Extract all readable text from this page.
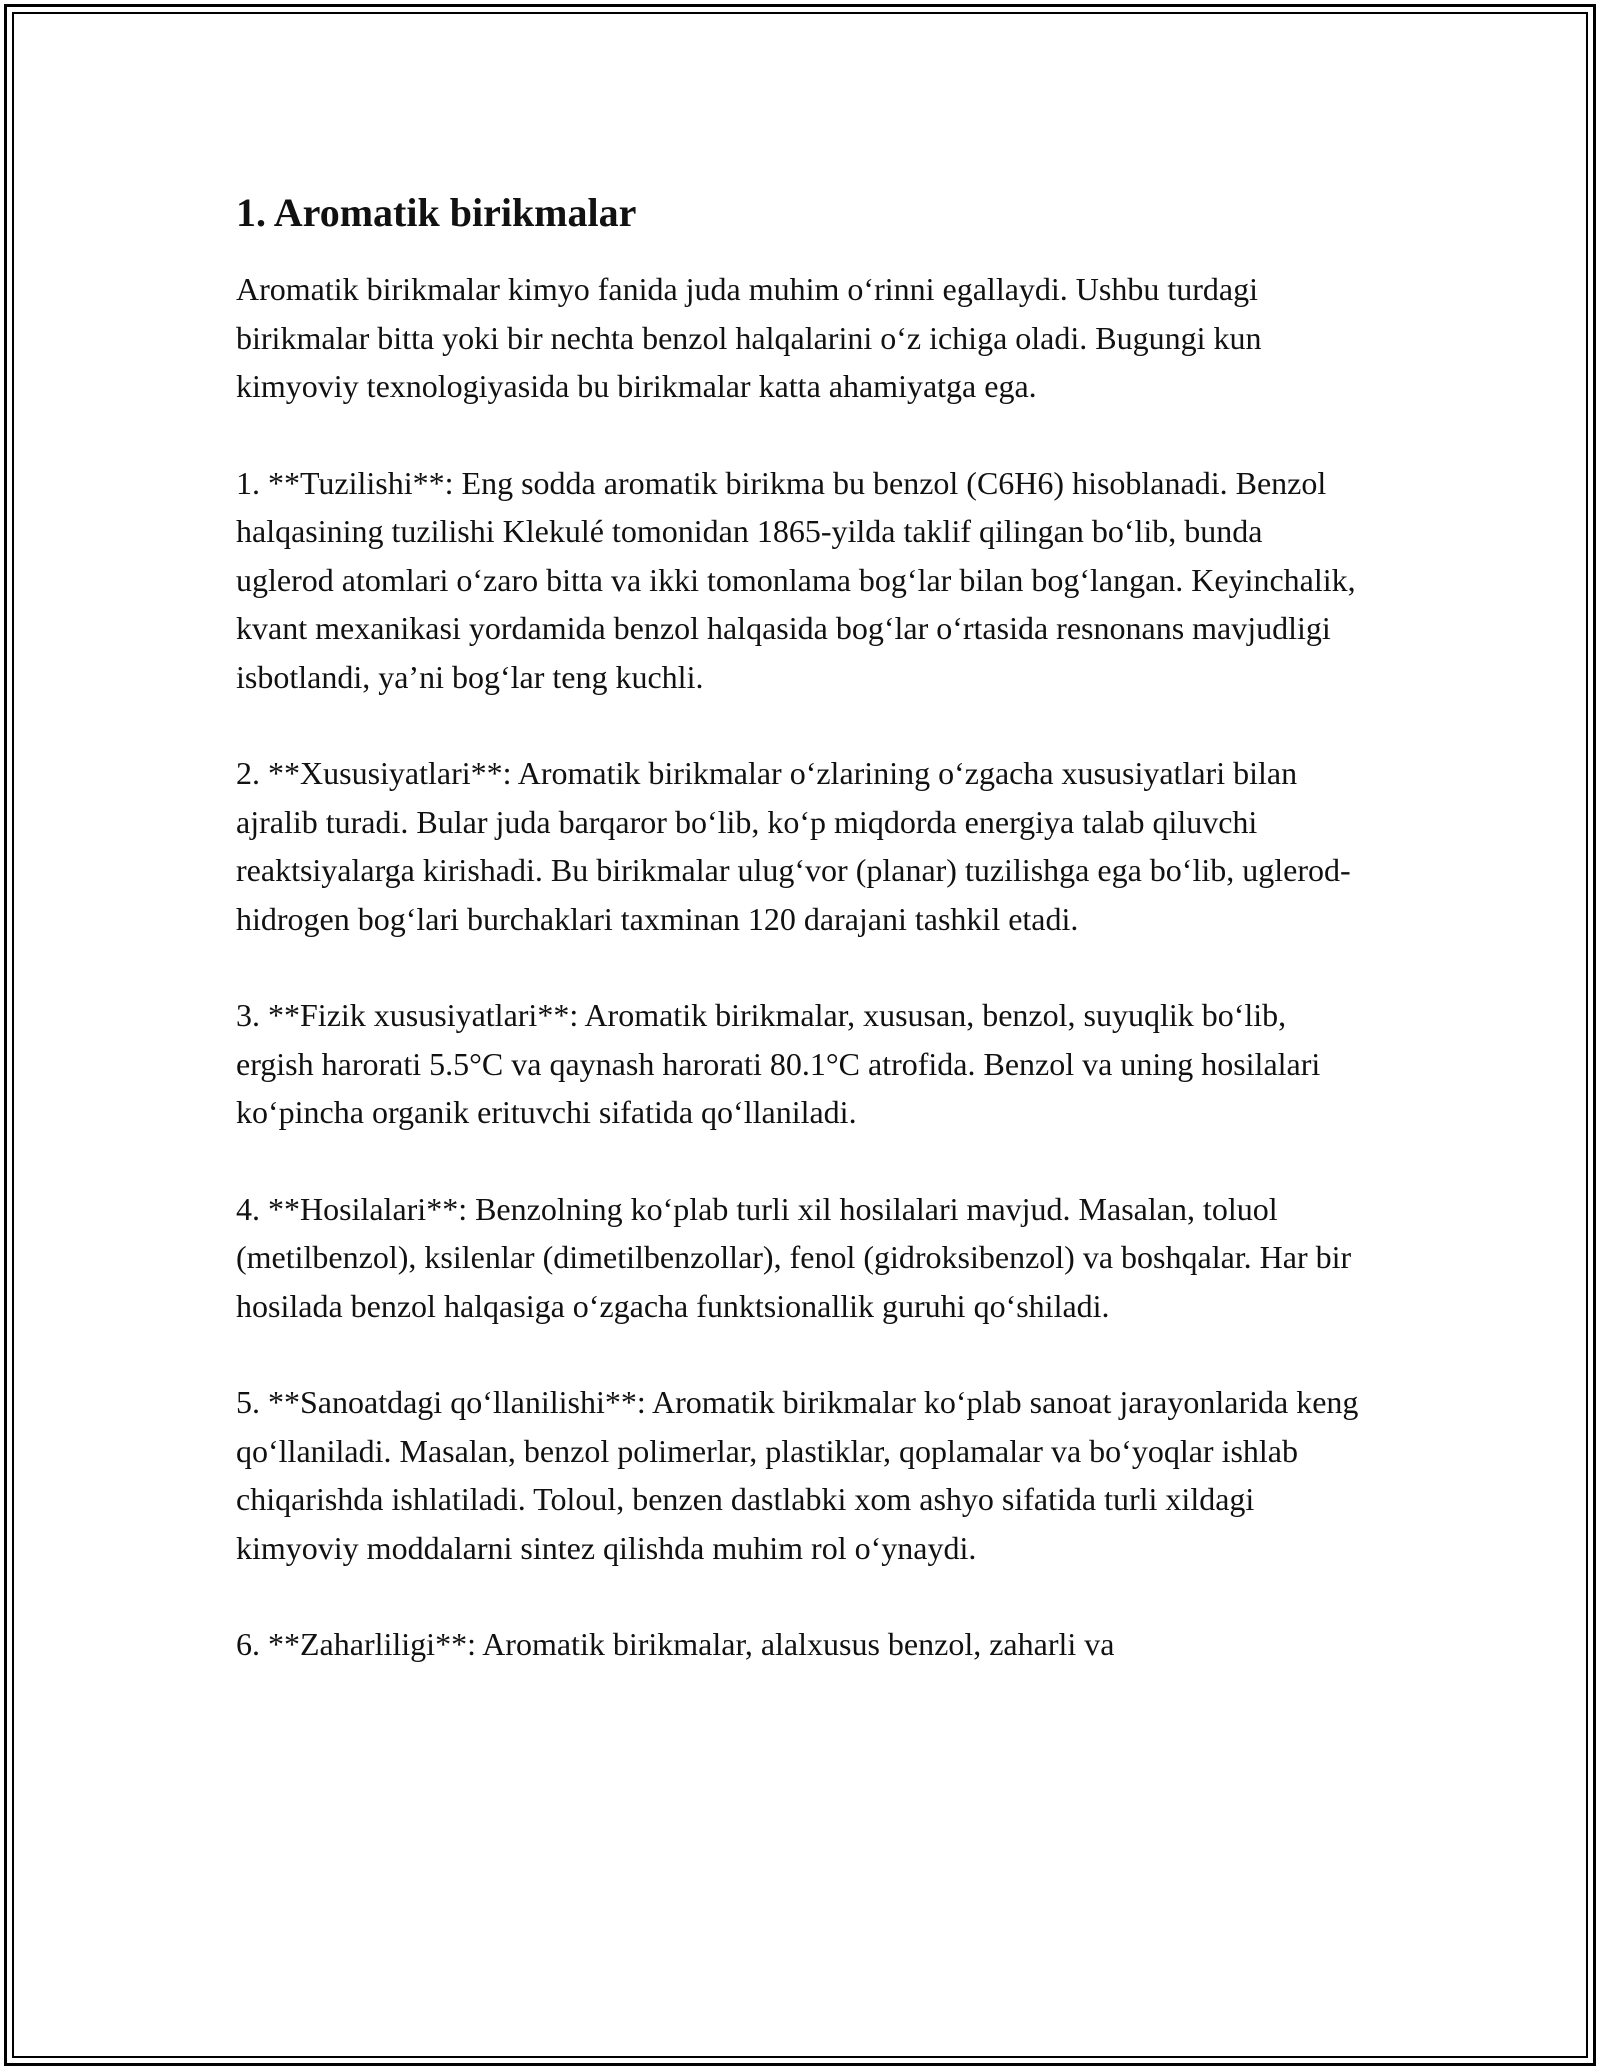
1. Aromatik birikmalar

Aromatik birikmalar kimyo fanida juda muhim o‘rinni egallaydi. Ushbu turdagi birikmalar bitta yoki bir nechta benzol halqalarini o‘z ichiga oladi. Bugungi kun kimyoviy texnologiyasida bu birikmalar katta ahamiyatga ega.

1. **Tuzilishi**: Eng sodda aromatik birikma bu benzol (C6H6) hisoblanadi. Benzol halqasining tuzilishi Klekulé tomonidan 1865-yilda taklif qilingan bo‘lib, bunda uglerod atomlari o‘zaro bitta va ikki tomonlama bog‘lar bilan bog‘langan. Keyinchalik, kvant mexanikasi yordamida benzol halqasida bog‘lar o‘rtasida resnonans mavjudligi isbotlandi, ya’ni bog‘lar teng kuchli.

2. **Xususiyatlari**: Aromatik birikmalar o‘zlarining o‘zgacha xususiyatlari bilan ajralib turadi. Bular juda barqaror bo‘lib, ko‘p miqdorda energiya talab qiluvchi reaktsiyalarga kirishadi. Bu birikmalar ulug‘vor (planar) tuzilishga ega bo‘lib, uglerod-hidrogen bog‘lari burchaklari taxminan 120 darajani tashkil etadi.

3. **Fizik xususiyatlari**: Aromatik birikmalar, xususan, benzol, suyuqlik bo‘lib, ergish harorati 5.5°C va qaynash harorati 80.1°C atrofida. Benzol va uning hosilalari ko‘pincha organik erituvchi sifatida qo‘llaniladi.

4. **Hosilalari**: Benzolning ko‘plab turli xil hosilalari mavjud. Masalan, toluol (metilbenzol), ksilenlar (dimetilbenzollar), fenol (gidroksibenzol) va boshqalar. Har bir hosilada benzol halqasiga o‘zgacha funktsionallik guruhi qo‘shiladi.

5. **Sanoatdagi qo‘llanilishi**: Aromatik birikmalar ko‘plab sanoat jarayonlarida keng qo‘llaniladi. Masalan, benzol polimerlar, plastiklar, qoplamalar va bo‘yoqlar ishlab chiqarishda ishlatiladi. Toloul, benzen dastlabki xom ashyo sifatida turli xildagi kimyoviy moddalarni sintez qilishda muhim rol o‘ynaydi.

6. **Zaharliligi**: Aromatik birikmalar, alalxusus benzol, zaharli va
